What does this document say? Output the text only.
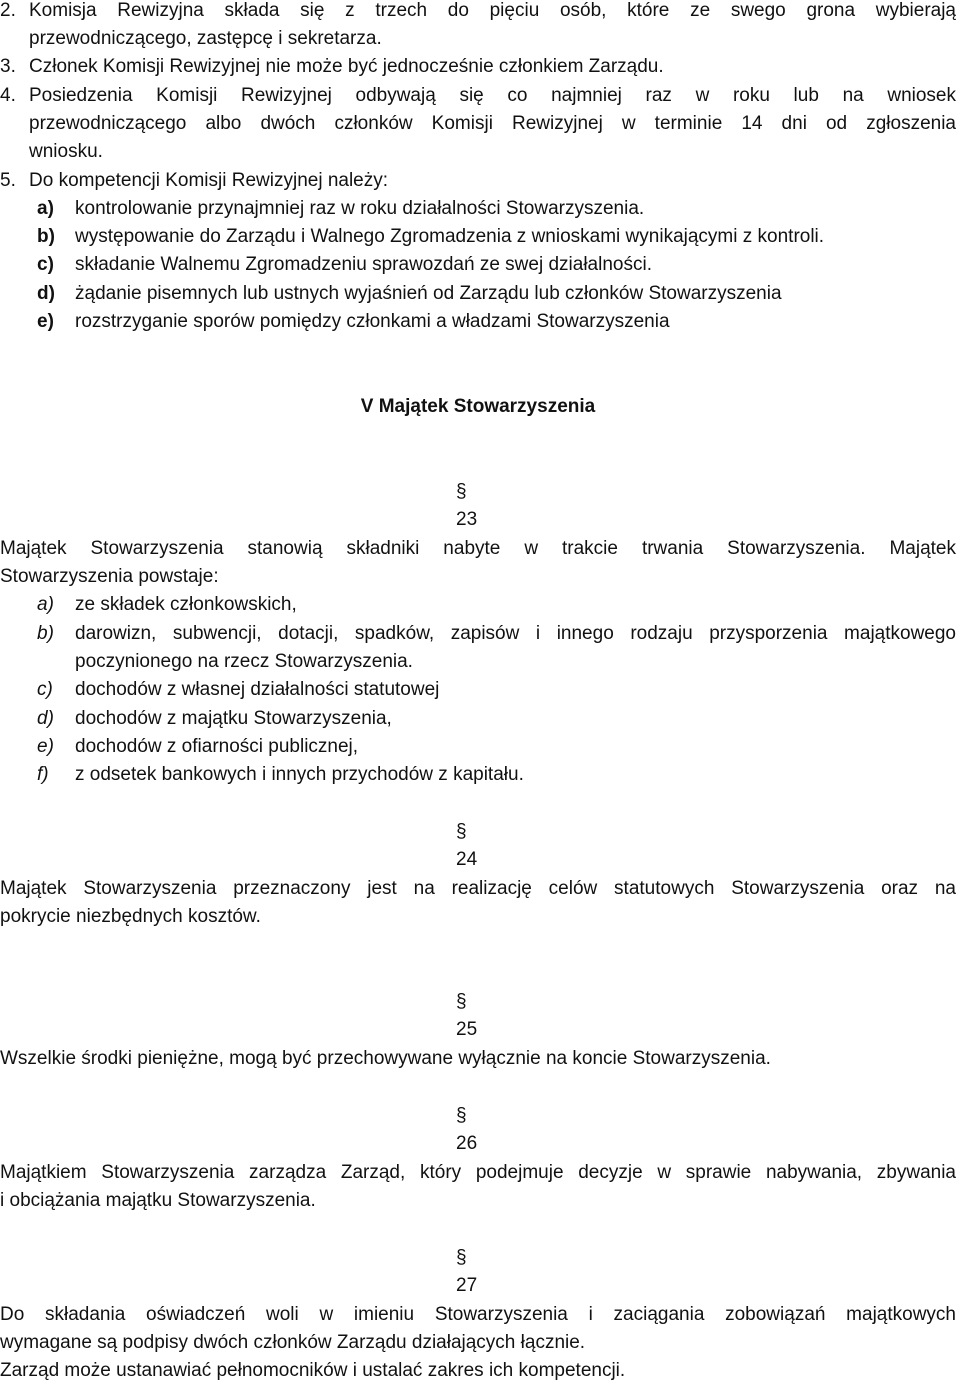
2. Komisja Rewizyjna składa się z trzech do pięciu osób, które ze swego grona wybierają
przewodniczącego, zastępcę i sekretarza.
3. Członek Komisji Rewizyjnej nie może być jednocześnie członkiem Zarządu.
4. Posiedzenia Komisji Rewizyjnej odbywają się co najmniej raz w roku lub na wniosek
przewodniczącego albo dwóch członków Komisji Rewizyjnej w terminie 14 dni od zgłoszenia
wniosku.
5. Do kompetencji Komisji Rewizyjnej należy:
a) kontrolowanie przynajmniej raz w roku działalności Stowarzyszenia.
b) występowanie do Zarządu i Walnego Zgromadzenia z wnioskami wynikającymi z kontroli.
c) składanie Walnemu Zgromadzeniu sprawozdań ze swej działalności.
d) żądanie pisemnych lub ustnych wyjaśnień od Zarządu lub członków Stowarzyszenia
e) rozstrzyganie sporów pomiędzy członkami a władzami Stowarzyszenia
V Majątek Stowarzyszenia
§ 23
Majątek Stowarzyszenia stanowią składniki nabyte w trakcie trwania Stowarzyszenia. Majątek
Stowarzyszenia powstaje:
a) ze składek członkowskich,
b) darowizn, subwencji, dotacji, spadków, zapisów i innego rodzaju przysporzenia majątkowego
poczynionego na rzecz Stowarzyszenia.
c) dochodów z własnej działalności statutowej
d) dochodów z majątku Stowarzyszenia,
e) dochodów z ofiarności publicznej,
f) z odsetek bankowych i innych przychodów z kapitału.
§ 24
Majątek Stowarzyszenia przeznaczony jest na realizację celów statutowych Stowarzyszenia oraz na
pokrycie niezbędnych kosztów.
§ 25
Wszelkie środki pieniężne, mogą być przechowywane wyłącznie na koncie Stowarzyszenia.
§ 26
Majątkiem Stowarzyszenia zarządza Zarząd, który podejmuje decyzje w sprawie nabywania, zbywania
i obciążania majątku Stowarzyszenia.
§ 27
Do składania oświadczeń woli w imieniu Stowarzyszenia i zaciągania zobowiązań majątkowych
wymagane są podpisy dwóch członków Zarządu działających łącznie.
Zarząd może ustanawiać pełnomocników i ustalać zakres ich kompetencji.
